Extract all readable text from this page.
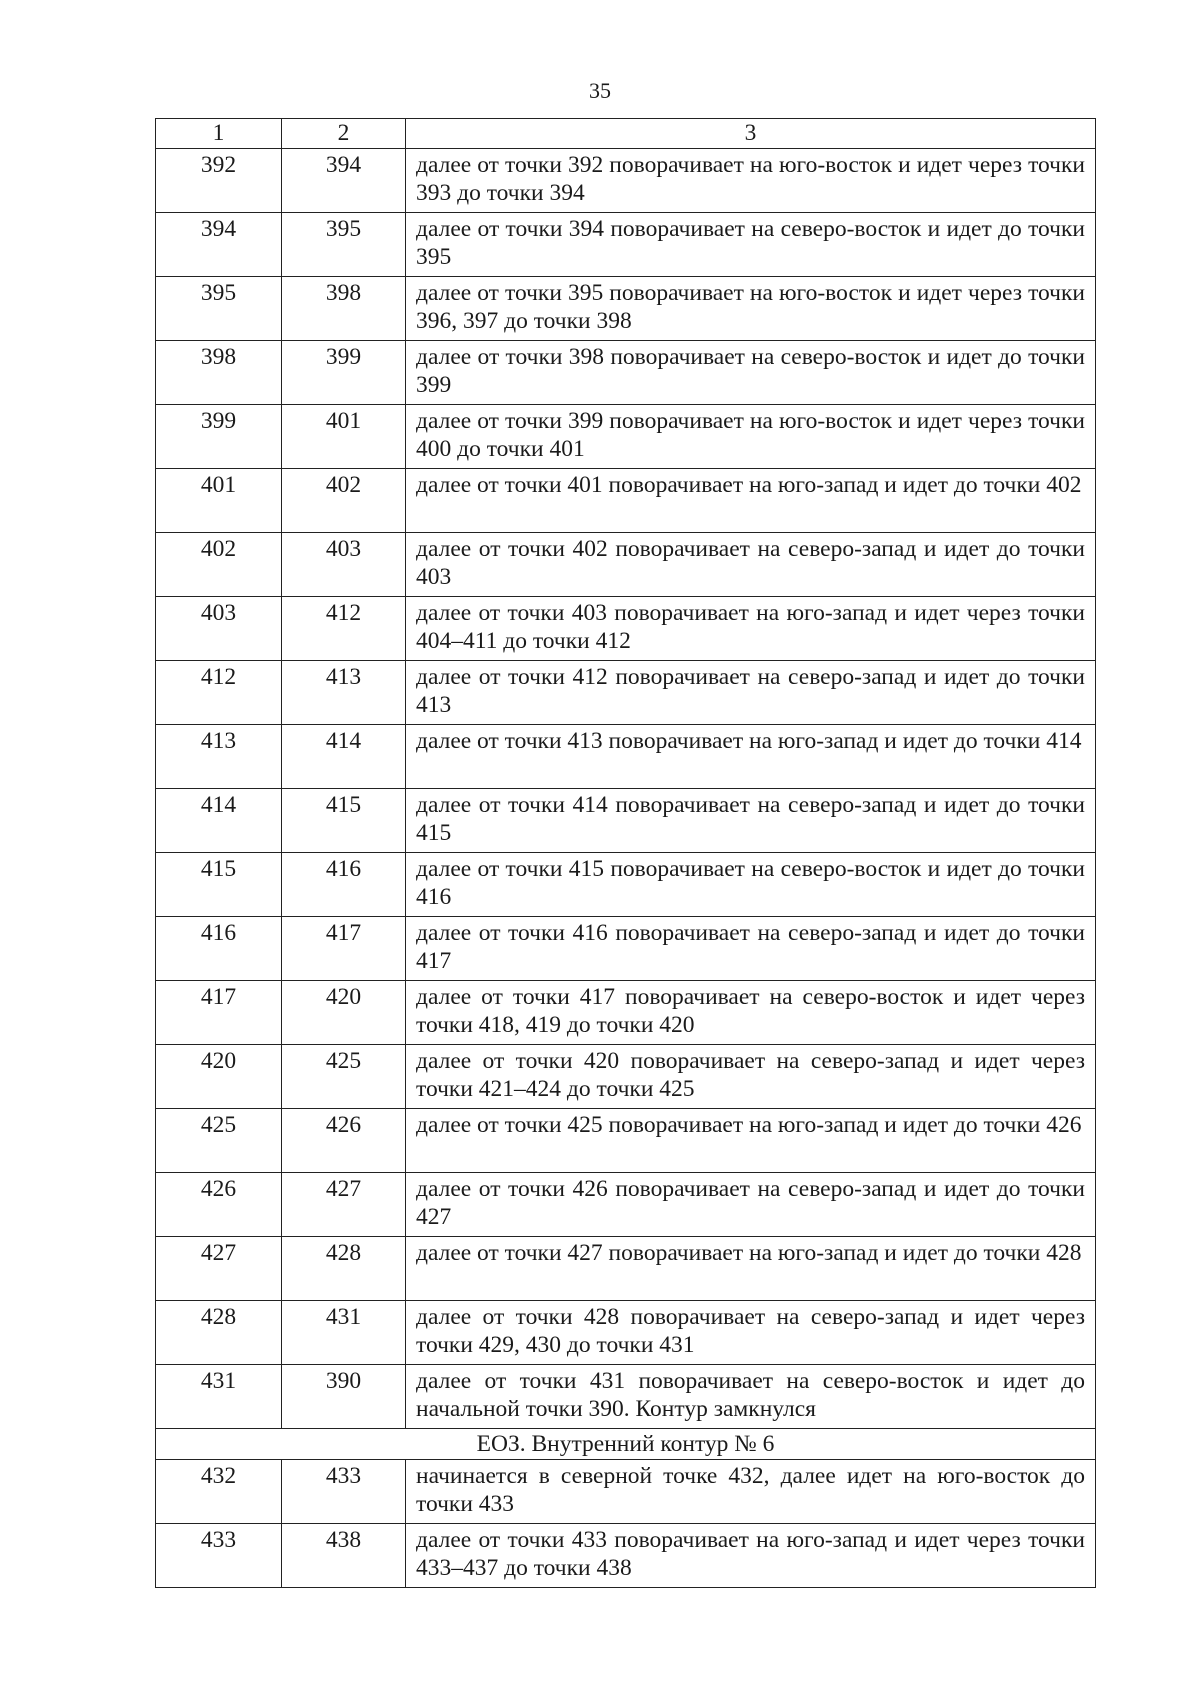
35
1	2	3
392	394	далее от точки 392 поворачивает на юго-восток и идет через точки 393 до точки 394
394	395	далее от точки 394 поворачивает на северо-восток и идет до точки 395
395	398	далее от точки 395 поворачивает на юго-восток и идет через точки 396, 397 до точки 398
398	399	далее от точки 398 поворачивает на северо-восток и идет до точки 399
399	401	далее от точки 399 поворачивает на юго-восток и идет через точки 400 до точки 401
401	402	далее от точки 401 поворачивает на юго-запад и идет до точки 402
402	403	далее от точки 402 поворачивает на северо-запад и идет до точки 403
403	412	далее от точки 403 поворачивает на юго-запад и идет через точки 404–411 до точки 412
412	413	далее от точки 412 поворачивает на северо-запад и идет до точки 413
413	414	далее от точки 413 поворачивает на юго-запад и идет до точки 414
414	415	далее от точки 414 поворачивает на северо-запад и идет до точки 415
415	416	далее от точки 415 поворачивает на северо-восток и идет до точки 416
416	417	далее от точки 416 поворачивает на северо-запад и идет до точки 417
417	420	далее от точки 417 поворачивает на северо-восток и идет через точки 418, 419 до точки 420
420	425	далее от точки 420 поворачивает на северо-запад и идет через точки 421–424 до точки 425
425	426	далее от точки 425 поворачивает на юго-запад и идет до точки 426
426	427	далее от точки 426 поворачивает на северо-запад и идет до точки 427
427	428	далее от точки 427 поворачивает на юго-запад и идет до точки 428
428	431	далее от точки 428 поворачивает на северо-запад и идет через точки 429, 430 до точки 431
431	390	далее от точки 431 поворачивает на северо-восток и идет до начальной точки 390. Контур замкнулся
ЕОЗ. Внутренний контур № 6		
432	433	начинается в северной точке 432, далее идет на юго-восток до точки 433
433	438	далее от точки 433 поворачивает на юго-запад и идет через точки 433–437 до точки 438
